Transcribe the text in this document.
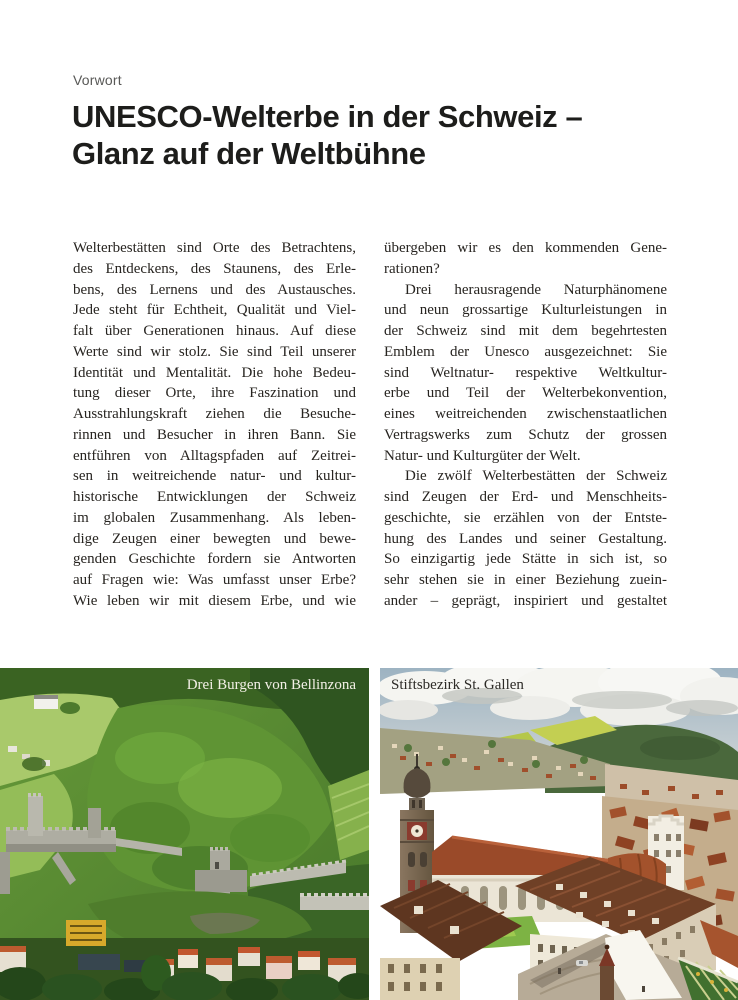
Vorwort
UNESCO-Welterbe in der Schweiz –
Glanz auf der Weltbühne
Welterbestätten sind Orte des Betrachtens,
des Entdeckens, des Staunens, des Erle-
bens, des Lernens und des Austausches.
Jede steht für Echtheit, Qualität und Viel-
falt über Generationen hinaus. Auf diese
Werte sind wir stolz. Sie sind Teil unserer
Identität und Mentalität. Die hohe Bedeu-
tung dieser Orte, ihre Faszination und
Ausstrahlungskraft ziehen die Besuche-
rinnen und Besucher in ihren Bann. Sie
entführen von Alltagspfaden auf Zeitrei-
sen in weitreichende natur- und kultur-
historische Entwicklungen der Schweiz
im globalen Zusammenhang. Als leben-
dige Zeugen einer bewegten und bewe-
genden Geschichte fordern sie Antworten
auf Fragen wie: Was umfasst unser Erbe?
Wie leben wir mit diesem Erbe, und wie
übergeben wir es den kommenden Gene-
rationen?
Drei herausragende Naturphänomene
und neun grossartige Kulturleistungen in
der Schweiz sind mit dem begehrtesten
Emblem der Unesco ausgezeichnet: Sie
sind Weltnatur- respektive Weltkultur-
erbe und Teil der Welterbekonvention,
eines weitreichenden zwischenstaatlichen
Vertragswerks zum Schutz der grossen
Natur- und Kulturgüter der Welt.
Die zwölf Welterbestätten der Schweiz
sind Zeugen der Erd- und Menschheits-
geschichte, sie erzählen von der Entste-
hung des Landes und seiner Gestaltung.
So einzigartig jede Stätte in sich ist, so
sehr stehen sie in einer Beziehung zuein-
ander – geprägt, inspiriert und gestaltet
Drei Burgen von Bellinzona	Stiftsbezirk St. Gallen
